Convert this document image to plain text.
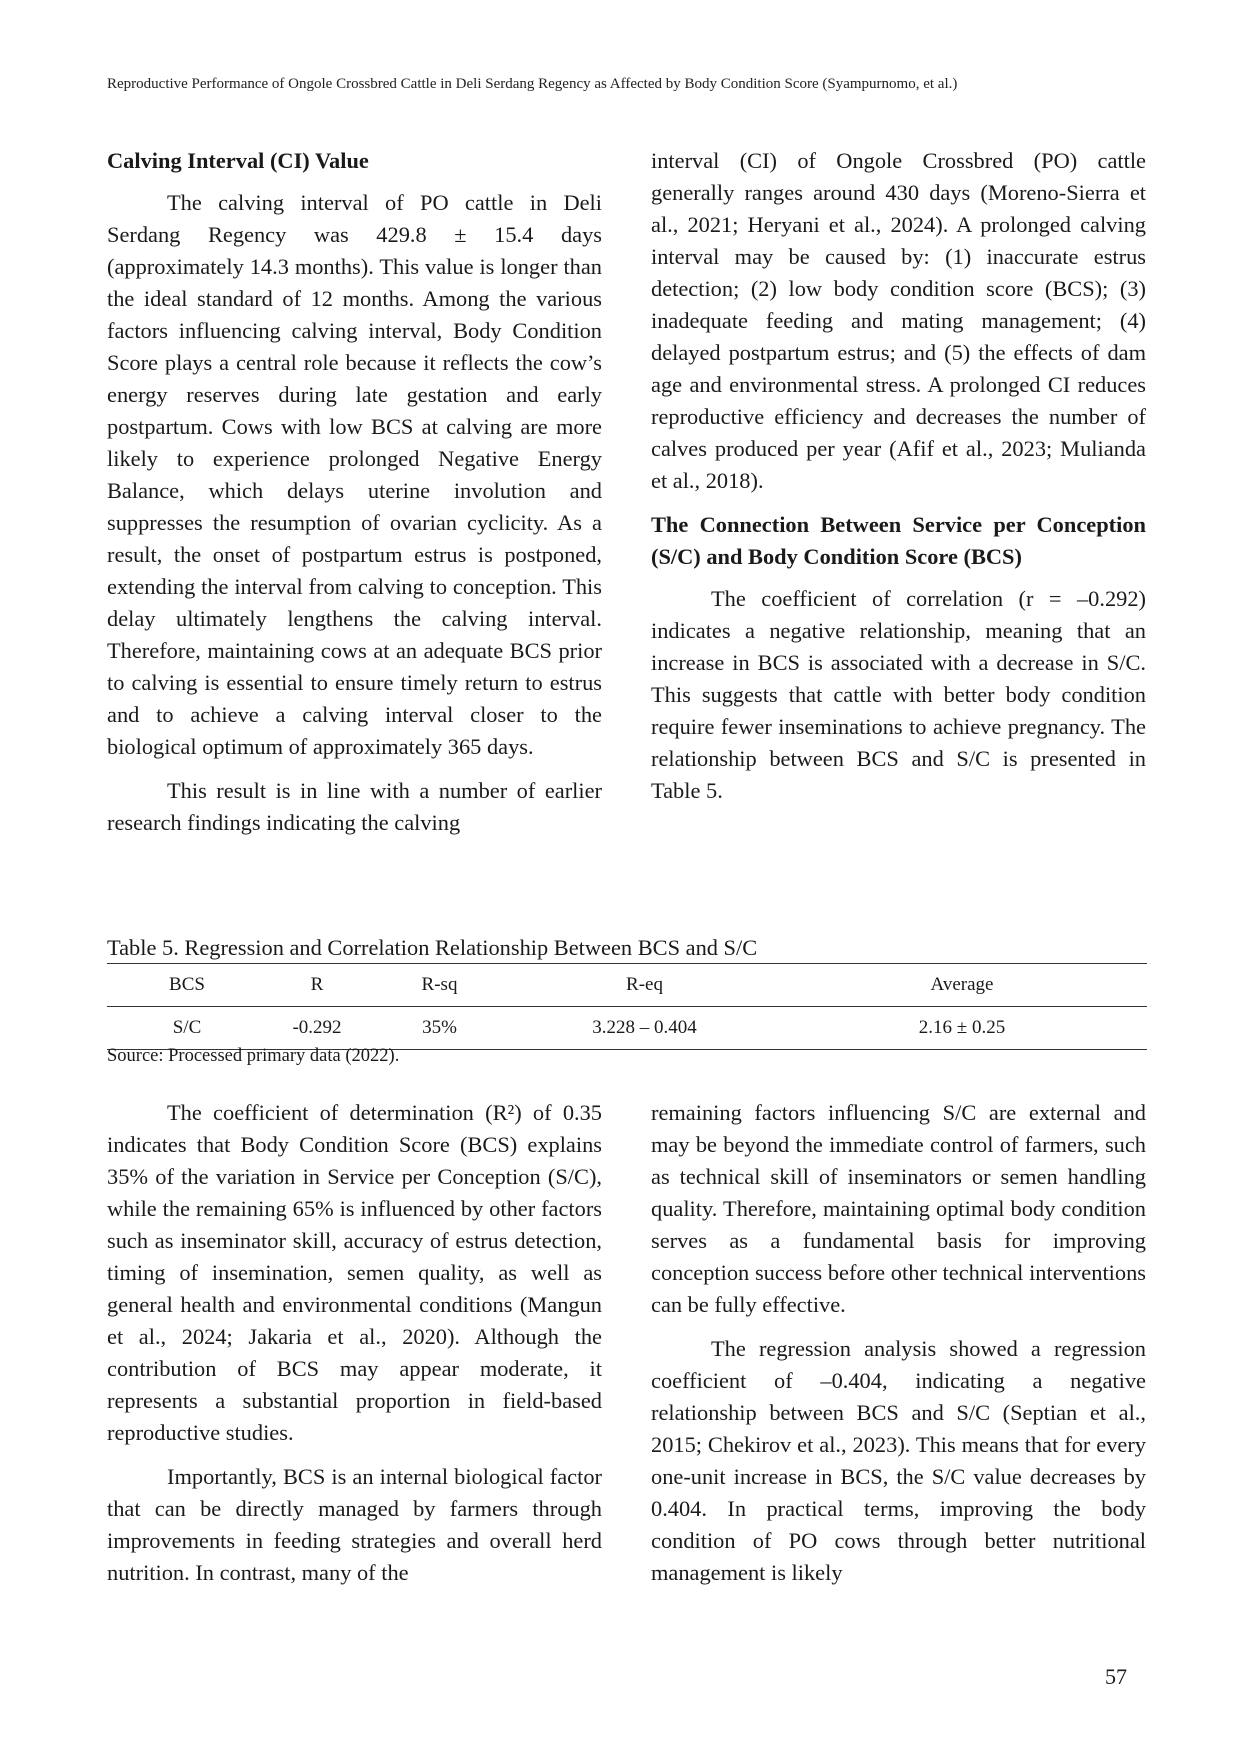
Reproductive Performance of Ongole Crossbred Cattle in Deli Serdang Regency as Affected by Body Condition Score (Syampurnomo, et al.)
Calving Interval (CI) Value

The calving interval of PO cattle in Deli Serdang Regency was 429.8 ± 15.4 days (approximately 14.3 months). This value is longer than the ideal standard of 12 months. Among the various factors influencing calving interval, Body Condition Score plays a central role because it reflects the cow’s energy reserves during late gestation and early postpartum. Cows with low BCS at calving are more likely to experience prolonged Negative Energy Balance, which delays uterine involution and suppresses the resumption of ovarian cyclicity. As a result, the onset of postpartum estrus is postponed, extending the interval from calving to conception. This delay ultimately lengthens the calving interval. Therefore, maintaining cows at an adequate BCS prior to calving is essential to ensure timely return to estrus and to achieve a calving interval closer to the biological optimum of approximately 365 days.

This result is in line with a number of earlier research findings indicating the calving

interval (CI) of Ongole Crossbred (PO) cattle generally ranges around 430 days (Moreno-Sierra et al., 2021; Heryani et al., 2024). A prolonged calving interval may be caused by: (1) inaccurate estrus detection; (2) low body condition score (BCS); (3) inadequate feeding and mating management; (4) delayed postpartum estrus; and (5) the effects of dam age and environmental stress. A prolonged CI reduces reproductive efficiency and decreases the number of calves produced per year (Afif et al., 2023; Mulianda et al., 2018).

The Connection Between Service per Conception (S/C) and Body Condition Score (BCS)

The coefficient of correlation (r = –0.292) indicates a negative relationship, meaning that an increase in BCS is associated with a decrease in S/C. This suggests that cattle with better body condition require fewer inseminations to achieve pregnancy. The relationship between BCS and S/C is presented in Table 5.

Table 5. Regression and Correlation Relationship Between BCS and S/C
BCS	R	R-sq	R-eq	Average
S/C	-0.292	35%	3.228 – 0.404	2.16 ± 0.25
Source: Processed primary data (2022).

The coefficient of determination (R²) of 0.35 indicates that Body Condition Score (BCS) explains 35% of the variation in Service per Conception (S/C), while the remaining 65% is influenced by other factors such as inseminator skill, accuracy of estrus detection, timing of insemination, semen quality, as well as general health and environmental conditions (Mangun et al., 2024; Jakaria et al., 2020). Although the contribution of BCS may appear moderate, it represents a substantial proportion in field-based reproductive studies.

Importantly, BCS is an internal biological factor that can be directly managed by farmers through improvements in feeding strategies and overall herd nutrition. In contrast, many of the

remaining factors influencing S/C are external and may be beyond the immediate control of farmers, such as technical skill of inseminators or semen handling quality. Therefore, maintaining optimal body condition serves as a fundamental basis for improving conception success before other technical interventions can be fully effective.

The regression analysis showed a regression coefficient of –0.404, indicating a negative relationship between BCS and S/C (Septian et al., 2015; Chekirov et al., 2023). This means that for every one-unit increase in BCS, the S/C value decreases by 0.404. In practical terms, improving the body condition of PO cows through better nutritional management is likely

57
